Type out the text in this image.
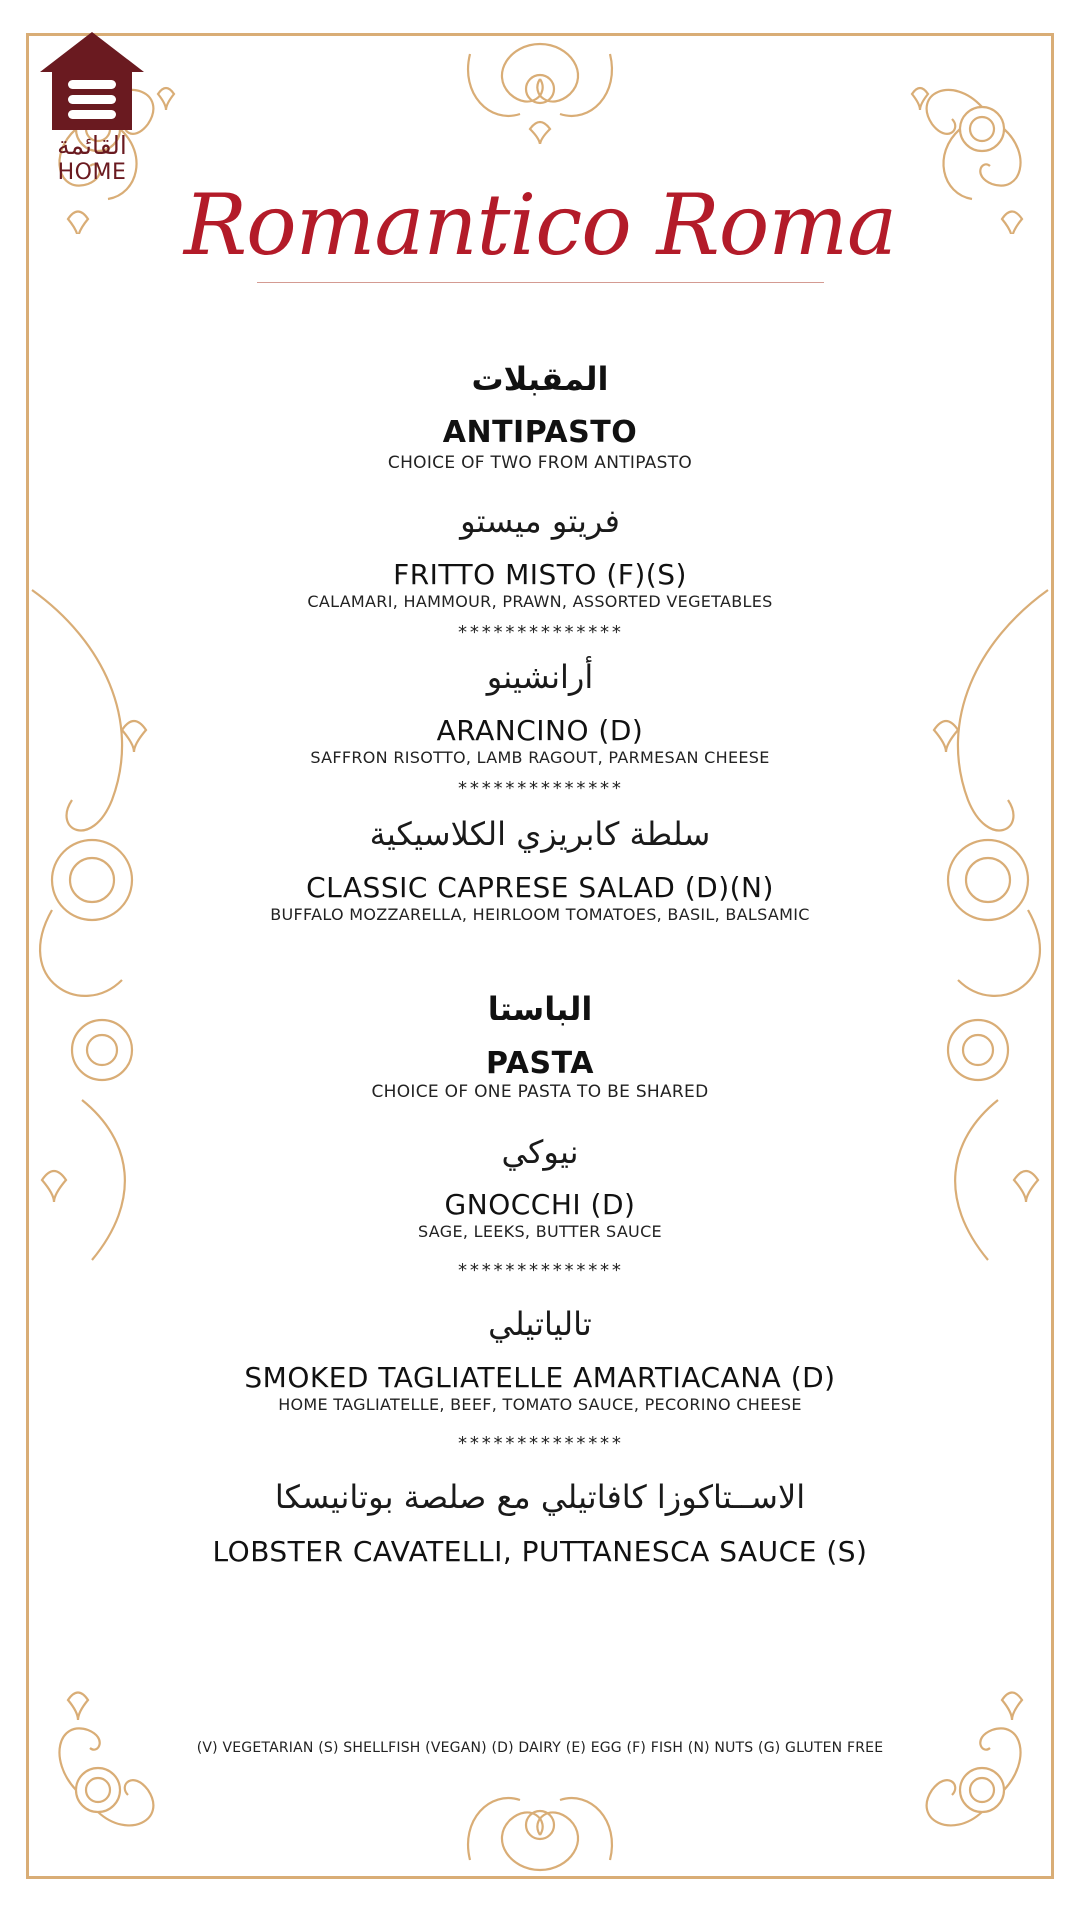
القائمة
HOME
Romantico Roma
المقبلات
ANTIPASTO
CHOICE OF TWO FROM ANTIPASTO
فريتو ميستو
FRITTO MISTO (F)(S)
CALAMARI, HAMMOUR, PRAWN, ASSORTED VEGETABLES
**************
أرانشينو
ARANCINO (D)
SAFFRON RISOTTO, LAMB RAGOUT, PARMESAN CHEESE
**************
سلطة كابريزي الكلاسيكية
CLASSIC CAPRESE SALAD (D)(N)
BUFFALO MOZZARELLA, HEIRLOOM TOMATOES, BASIL, BALSAMIC
الباستا
PASTA
CHOICE OF ONE PASTA TO BE SHARED
نيوكي
GNOCCHI (D)
SAGE, LEEKS, BUTTER SAUCE
**************
تالياتيلي
SMOKED TAGLIATELLE AMARTIACANA (D)
HOME TAGLIATELLE, BEEF, TOMATO SAUCE, PECORINO CHEESE
**************
الاســتاكوزا كافاتيلي مع صلصة بوتانيسكا
LOBSTER CAVATELLI, PUTTANESCA SAUCE (S)
(V) VEGETARIAN (S) SHELLFISH (VEGAN) (D) DAIRY (E) EGG (F) FISH (N) NUTS (G) GLUTEN FREE
